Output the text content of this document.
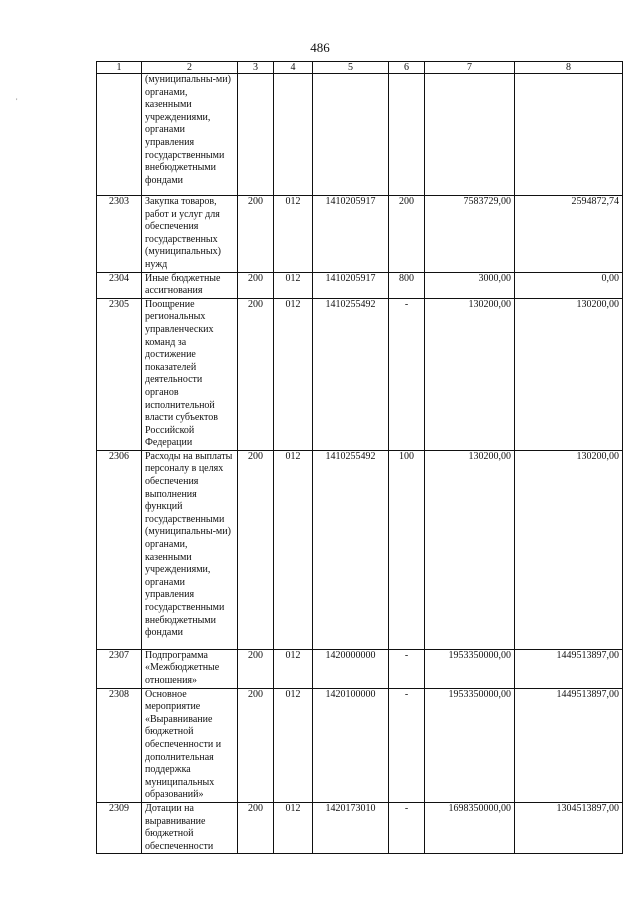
486
,
1	2	3	4	5	6	7	8
	(муниципальны-ми) органами, казенными учреждениями, органами управления государственными внебюджетными фондами						
2303	Закупка товаров, работ и услуг для обеспечения государственных (муниципальных) нужд	200	012	1410205917	200	7583729,00	2594872,74
2304	Иные бюджетные ассигнования	200	012	1410205917	800	3000,00	0,00
2305	Поощрение региональных управленческих команд за достижение показателей деятельности органов исполнительной власти субъектов Российской Федерации	200	012	1410255492	-	130200,00	130200,00
2306	Расходы на выплаты персоналу в целях обеспечения выполнения функций государственными (муниципальны-ми) органами, казенными учреждениями, органами управления государственными внебюджетными фондами	200	012	1410255492	100	130200,00	130200,00
2307	Подпрограмма «Межбюджетные отношения»	200	012	1420000000	-	1953350000,00	1449513897,00
2308	Основное мероприятие «Выравнивание бюджетной обеспеченности и дополнительная поддержка муниципальных образований»	200	012	1420100000	-	1953350000,00	1449513897,00
2309	Дотации на выравнивание бюджетной обеспеченности	200	012	1420173010	-	1698350000,00	1304513897,00
